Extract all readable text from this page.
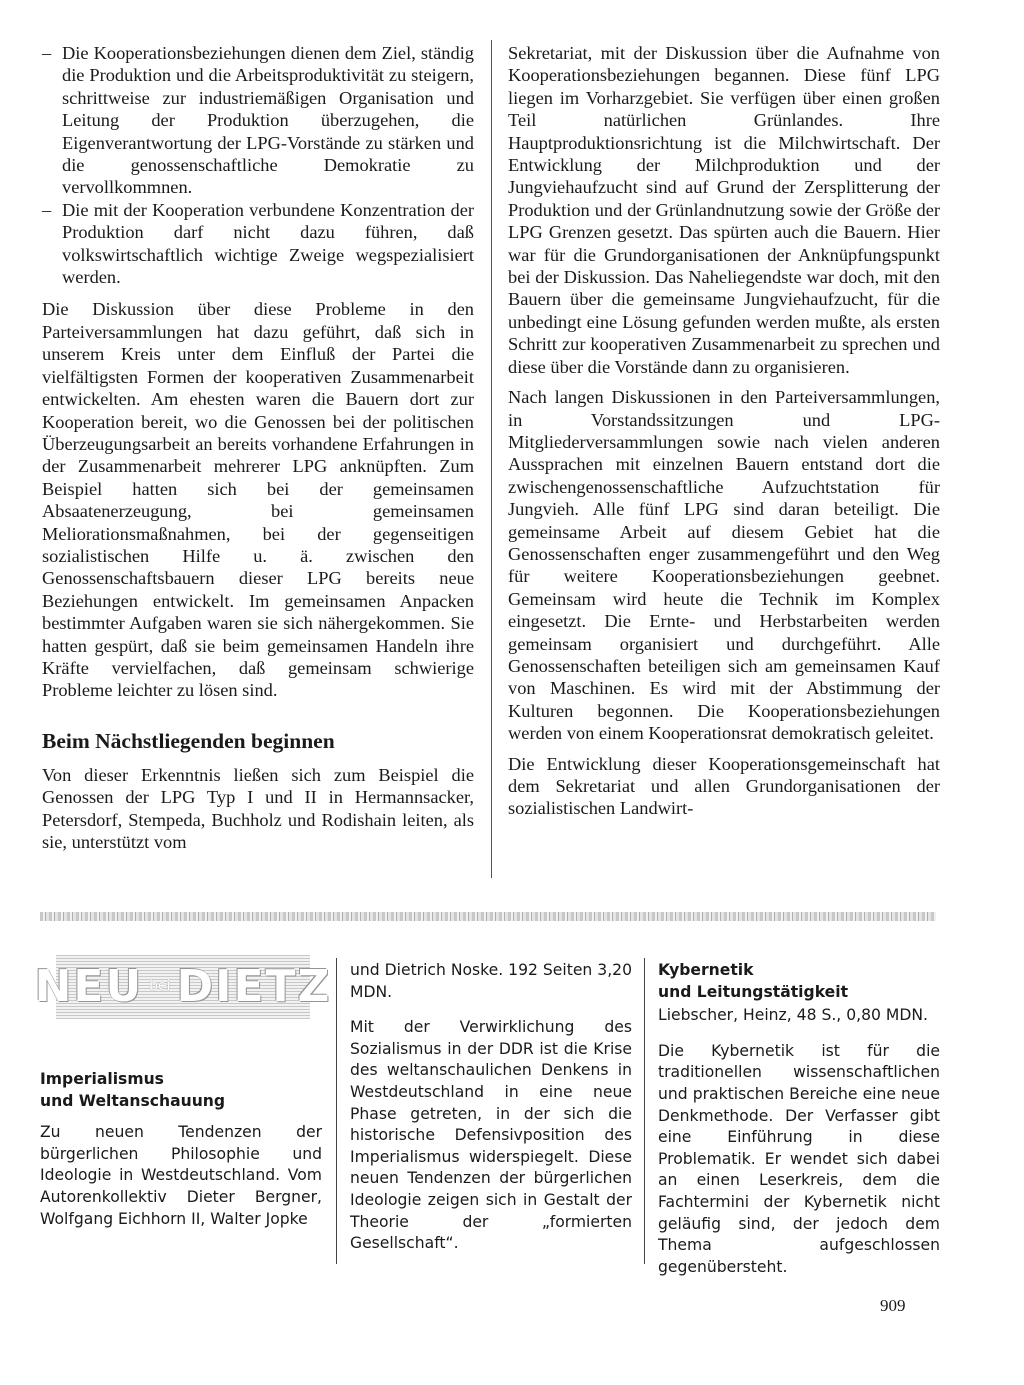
– Die Kooperationsbeziehungen dienen dem Ziel, ständig die Produktion und die Arbeitsproduktivität zu steigern, schrittweise zur industriemäßigen Organisation und Leitung der Produktion überzugehen, die Eigenverantwortung der LPG-Vorstände zu stärken und die genossenschaftliche Demokratie zu vervollkommnen.

– Die mit der Kooperation verbundene Konzentration der Produktion darf nicht dazu führen, daß volkswirtschaftlich wichtige Zweige wegspezialisiert werden.

Die Diskussion über diese Probleme in den Parteiversammlungen hat dazu geführt, daß sich in unserem Kreis unter dem Einfluß der Partei die vielfältigsten Formen der kooperativen Zusammenarbeit entwickelten. Am ehesten waren die Bauern dort zur Kooperation bereit, wo die Genossen bei der politischen Überzeugungsarbeit an bereits vorhandene Erfahrungen in der Zusammenarbeit mehrerer LPG anknüpften. Zum Beispiel hatten sich bei der gemeinsamen Absaatenerzeugung, bei gemeinsamen Meliorationsmaßnahmen, bei der gegenseitigen sozialistischen Hilfe u. ä. zwischen den Genossenschaftsbauern dieser LPG bereits neue Beziehungen entwickelt. Im gemeinsamen Anpacken bestimmter Aufgaben waren sie sich nähergekommen. Sie hatten gespürt, daß sie beim gemeinsamen Handeln ihre Kräfte vervielfachen, daß gemeinsam schwierige Probleme leichter zu lösen sind.

Beim Nächstliegenden beginnen

Von dieser Erkenntnis ließen sich zum Beispiel die Genossen der LPG Typ I und II in Hermannsacker, Petersdorf, Stempeda, Buchholz und Rodishain leiten, als sie, unterstützt vom

Sekretariat, mit der Diskussion über die Aufnahme von Kooperationsbeziehungen begannen. Diese fünf LPG liegen im Vorharzgebiet. Sie verfügen über einen großen Teil natürlichen Grünlandes. Ihre Hauptproduktionsrichtung ist die Milchwirtschaft. Der Entwicklung der Milchproduktion und der Jungviehaufzucht sind auf Grund der Zersplitterung der Produktion und der Grünlandnutzung sowie der Größe der LPG Grenzen gesetzt. Das spürten auch die Bauern. Hier war für die Grundorganisationen der Anknüpfungspunkt bei der Diskussion. Das Naheliegendste war doch, mit den Bauern über die gemeinsame Jungviehaufzucht, für die unbedingt eine Lösung gefunden werden mußte, als ersten Schritt zur kooperativen Zusammenarbeit zu sprechen und diese über die Vorstände dann zu organisieren.

Nach langen Diskussionen in den Parteiversammlungen, in Vorstandssitzungen und LPG-Mitgliederversammlungen sowie nach vielen anderen Aussprachen mit einzelnen Bauern entstand dort die zwischengenossenschaftliche Aufzuchtstation für Jungvieh. Alle fünf LPG sind daran beteiligt. Die gemeinsame Arbeit auf diesem Gebiet hat die Genossenschaften enger zusammengeführt und den Weg für weitere Kooperationsbeziehungen geebnet. Gemeinsam wird heute die Technik im Komplex eingesetzt. Die Ernte- und Herbstarbeiten werden gemeinsam organisiert und durchgeführt. Alle Genossenschaften beteiligen sich am gemeinsamen Kauf von Maschinen. Es wird mit der Abstimmung der Kulturen begonnen. Die Kooperationsbeziehungen werden von einem Kooperationsrat demokratisch geleitet.

Die Entwicklung dieser Kooperationsgemeinschaft hat dem Sekretariat und allen Grundorganisationen der sozialistischen Landwirt-

NEU bei DIETZ

Imperialismus
und Weltanschauung

Zu neuen Tendenzen der bürgerlichen Philosophie und Ideologie in Westdeutschland. Vom Autorenkollektiv Dieter Bergner, Wolfgang Eichhorn II, Walter Jopke

und Dietrich Noske. 192 Seiten 3,20 MDN.

Mit der Verwirklichung des Sozialismus in der DDR ist die Krise des weltanschaulichen Denkens in Westdeutschland in eine neue Phase getreten, in der sich die historische Defensivposition des Imperialismus widerspiegelt. Diese neuen Tendenzen der bürgerlichen Ideologie zeigen sich in Gestalt der Theorie der „formierten Gesellschaft“.

Kybernetik
und Leitungstätigkeit

Liebscher, Heinz, 48 S., 0,80 MDN.

Die Kybernetik ist für die traditionellen wissenschaftlichen und praktischen Bereiche eine neue Denkmethode. Der Verfasser gibt eine Einführung in diese Problematik. Er wendet sich dabei an einen Leserkreis, dem die Fachtermini der Kybernetik nicht geläufig sind, der jedoch dem Thema aufgeschlossen gegenübersteht.

909
